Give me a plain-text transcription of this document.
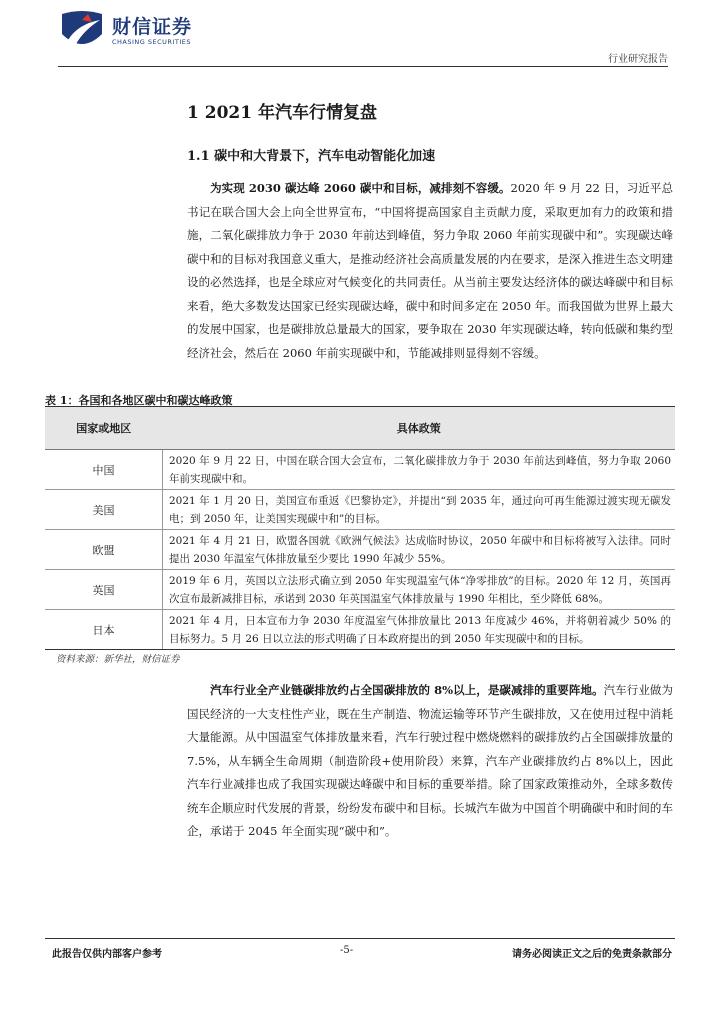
财信证券
CHASING SECURITIES
行业研究报告
1 2021 年汽车行情复盘
1.1 碳中和大背景下，汽车电动智能化加速
为实现 2030 碳达峰 2060 碳中和目标，减排刻不容缓。2020 年 9 月 22 日，习近平总书记在联合国大会上向全世界宣布，“中国将提高国家自主贡献力度，采取更加有力的政策和措施，二氧化碳排放力争于 2030 年前达到峰值，努力争取 2060 年前实现碳中和”。实现碳达峰碳中和的目标对我国意义重大，是推动经济社会高质量发展的内在要求，是深入推进生态文明建设的必然选择，也是全球应对气候变化的共同责任。从当前主要发达经济体的碳达峰碳中和目标来看，绝大多数发达国家已经实现碳达峰，碳中和时间多定在 2050 年。而我国做为世界上最大的发展中国家，也是碳排放总量最大的国家，要争取在 2030 年实现碳达峰，转向低碳和集约型经济社会，然后在 2060 年前实现碳中和，节能减排则显得刻不容缓。
表 1：各国和各地区碳中和碳达峰政策
国家或地区	具体政策
中国	2020 年 9 月 22 日，中国在联合国大会宣布，二氧化碳排放力争于 2030 年前达到峰值，努力争取 2060 年前实现碳中和。
美国	2021 年 1 月 20 日，美国宣布重返《巴黎协定》，并提出“到 2035 年，通过向可再生能源过渡实现无碳发电；到 2050 年，让美国实现碳中和”的目标。
欧盟	2021 年 4 月 21 日，欧盟各国就《欧洲气候法》达成临时协议，2050 年碳中和目标将被写入法律。同时提出 2030 年温室气体排放量至少要比 1990 年减少 55%。
英国	2019 年 6 月，英国以立法形式确立到 2050 年实现温室气体“净零排放”的目标。2020 年 12 月，英国再次宣布最新减排目标，承诺到 2030 年英国温室气体排放量与 1990 年相比，至少降低 68%。
日本	2021 年 4 月，日本宣布力争 2030 年度温室气体排放量比 2013 年度减少 46%，并将朝着减少 50% 的目标努力。5 月 26 日以立法的形式明确了日本政府提出的到 2050 年实现碳中和的目标。
资料来源：新华社，财信证券
汽车行业全产业链碳排放约占全国碳排放的 8%以上，是碳减排的重要阵地。汽车行业做为国民经济的一大支柱性产业，既在生产制造、物流运输等环节产生碳排放，又在使用过程中消耗大量能源。从中国温室气体排放量来看，汽车行驶过程中燃烧燃料的碳排放约占全国碳排放量的 7.5%，从车辆全生命周期（制造阶段+使用阶段）来算，汽车产业碳排放约占 8%以上，因此汽车行业减排也成了我国实现碳达峰碳中和目标的重要举措。除了国家政策推动外，全球多数传统车企顺应时代发展的背景，纷纷发布碳中和目标。长城汽车做为中国首个明确碳中和时间的车企，承诺于 2045 年全面实现“碳中和”。
此报告仅供内部客户参考	-5-	请务必阅读正文之后的免责条款部分
